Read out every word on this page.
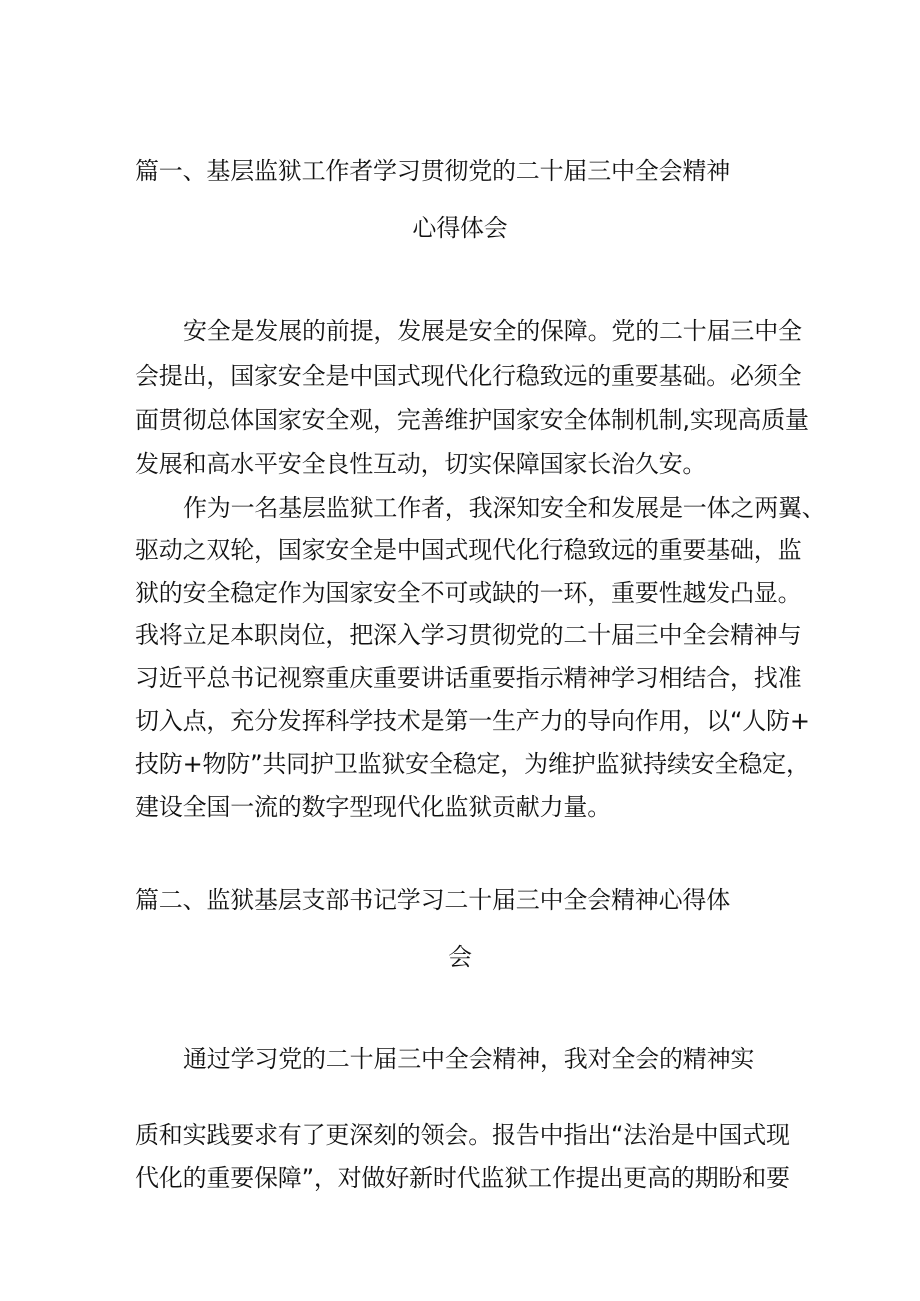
篇一、基层监狱工作者学习贯彻党的二十届三中全会精神
心得体会
安全是发展的前提，发展是安全的保障。党的二十届三中全
会提出，国家安全是中国式现代化行稳致远的重要基础。必须全
面贯彻总体国家安全观，完善维护国家安全体制机制,实现高质量
发展和高水平安全良性互动，切实保障国家长治久安。
作为一名基层监狱工作者，我深知安全和发展是一体之两翼、
驱动之双轮，国家安全是中国式现代化行稳致远的重要基础，监
狱的安全稳定作为国家安全不可或缺的一环，重要性越发凸显。
我将立足本职岗位，把深入学习贯彻党的二十届三中全会精神与
习近平总书记视察重庆重要讲话重要指示精神学习相结合，找准
切入点，充分发挥科学技术是第一生产力的导向作用，以“人防+
技防+物防”共同护卫监狱安全稳定，为维护监狱持续安全稳定，
建设全国一流的数字型现代化监狱贡献力量。
篇二、监狱基层支部书记学习二十届三中全会精神心得体
会
通过学习党的二十届三中全会精神，我对全会的精神实
质和实践要求有了更深刻的领会。报告中指出“法治是中国式现
代化的重要保障”，对做好新时代监狱工作提出更高的期盼和要
